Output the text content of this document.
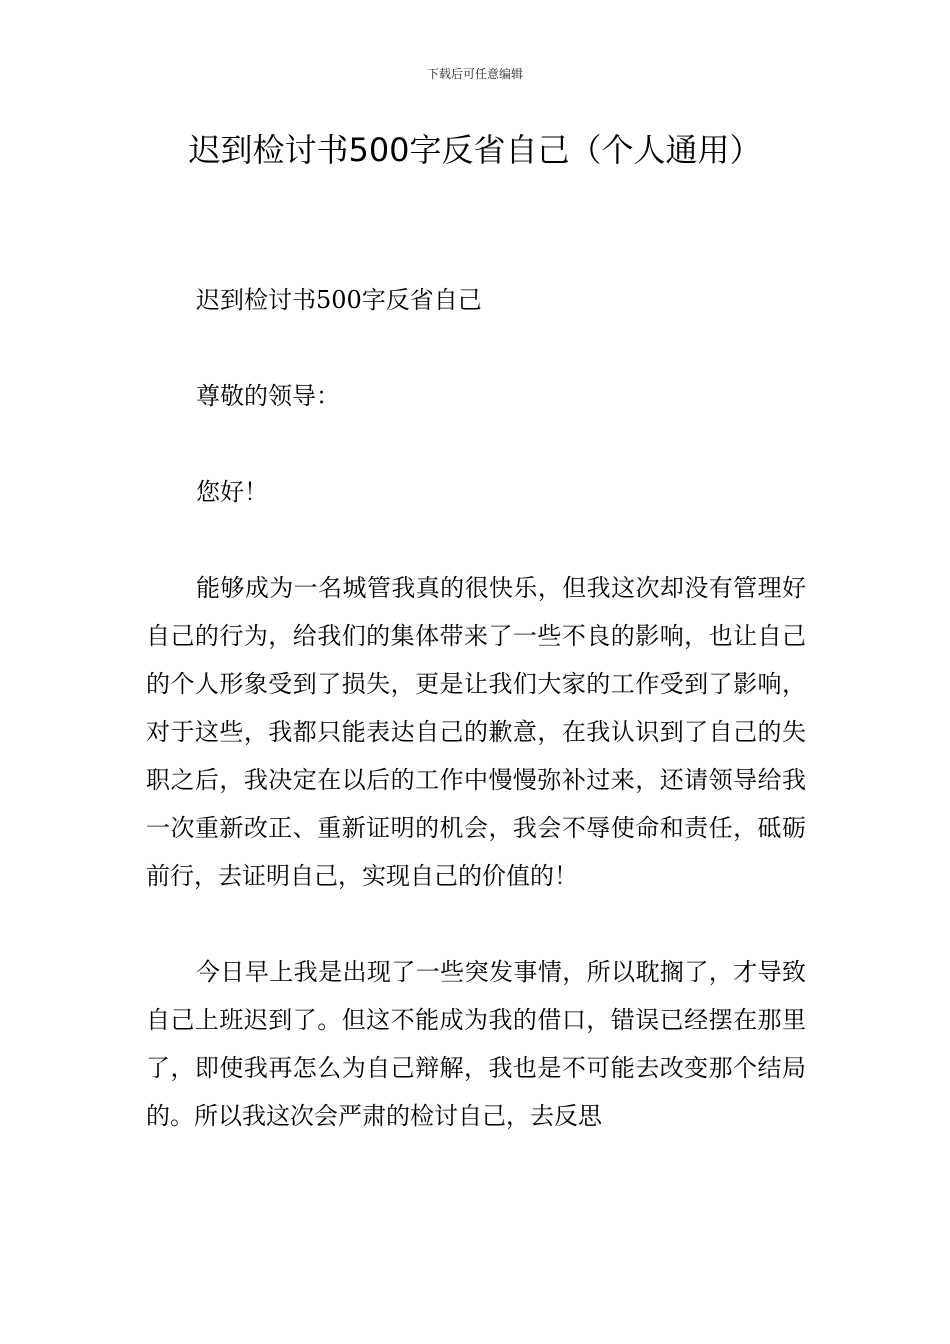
下载后可任意编辑
迟到检讨书500字反省自己（个人通用）

迟到检讨书500字反省自己

尊敬的领导：

您好！

能够成为一名城管我真的很快乐，但我这次却没有管理好自己的行为，给我们的集体带来了一些不良的影响，也让自己的个人形象受到了损失，更是让我们大家的工作受到了影响，对于这些，我都只能表达自己的歉意，在我认识到了自己的失职之后，我决定在以后的工作中慢慢弥补过来，还请领导给我一次重新改正、重新证明的机会，我会不辱使命和责任，砥砺前行，去证明自己，实现自己的价值的！

今日早上我是出现了一些突发事情，所以耽搁了，才导致自己上班迟到了。但这不能成为我的借口，错误已经摆在那里了，即使我再怎么为自己辩解，我也是不可能去改变那个结局的。所以我这次会严肃的检讨自己，去反思
